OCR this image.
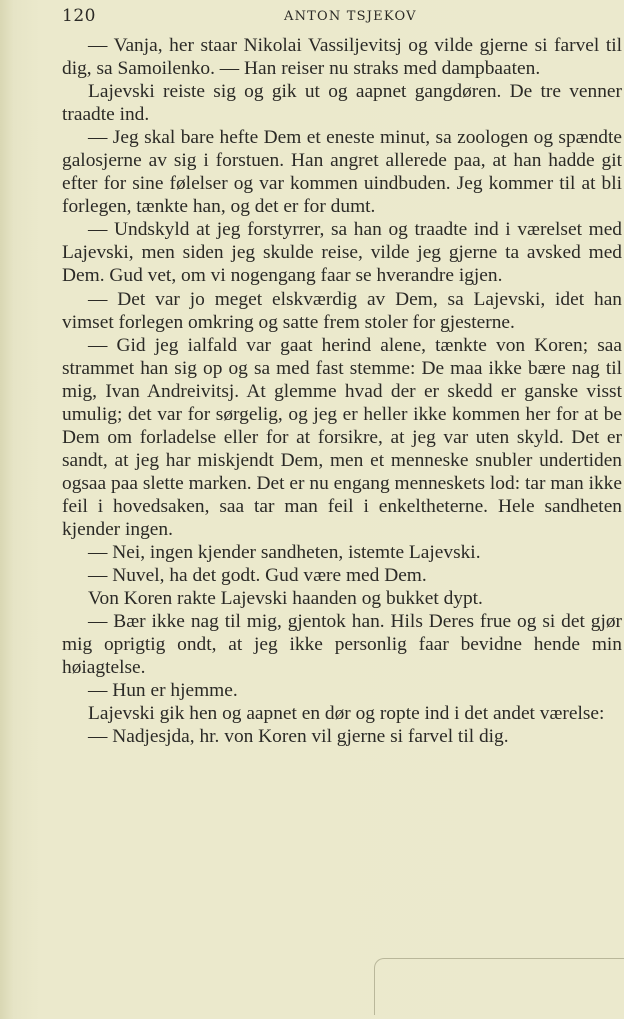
120	ANTON TSJEKOV

— Vanja, her staar Nikolai Vassiljevitsj og vilde gjerne si farvel til dig, sa Samoilenko. — Han reiser nu straks med dampbaaten.

Lajevski reiste sig og gik ut og aapnet gangdøren. De tre venner traadte ind.

— Jeg skal bare hefte Dem et eneste minut, sa zoologen og spændte galosjerne av sig i forstuen. Han angret allerede paa, at han hadde git efter for sine følelser og var kommen uindbuden. Jeg kommer til at bli forlegen, tænkte han, og det er for dumt.

— Undskyld at jeg forstyrrer, sa han og traadte ind i værelset med Lajevski, men siden jeg skulde reise, vilde jeg gjerne ta avsked med Dem. Gud vet, om vi nogengang faar se hverandre igjen.

— Det var jo meget elskværdig av Dem, sa Lajevski, idet han vimset forlegen omkring og satte frem stoler for gjesterne.

— Gid jeg ialfald var gaat herind alene, tænkte von Koren; saa strammet han sig op og sa med fast stemme: De maa ikke bære nag til mig, Ivan Andreivitsj. At glemme hvad der er skedd er ganske visst umulig; det var for sørgelig, og jeg er heller ikke kommen her for at be Dem om forladelse eller for at forsikre, at jeg var uten skyld. Det er sandt, at jeg har miskjendt Dem, men et menneske snubler undertiden ogsaa paa slette marken. Det er nu engang menneskets lod: tar man ikke feil i hovedsaken, saa tar man feil i enkeltheterne. Hele sandheten kjender ingen.

— Nei, ingen kjender sandheten, istemte Lajevski.

— Nuvel, ha det godt. Gud være med Dem.

Von Koren rakte Lajevski haanden og bukket dypt.

— Bær ikke nag til mig, gjentok han. Hils Deres frue og si det gjør mig oprigtig ondt, at jeg ikke personlig faar bevidne hende min høiagtelse.

— Hun er hjemme.

Lajevski gik hen og aapnet en dør og ropte ind i det andet værelse:

— Nadjesjda, hr. von Koren vil gjerne si farvel til dig.
